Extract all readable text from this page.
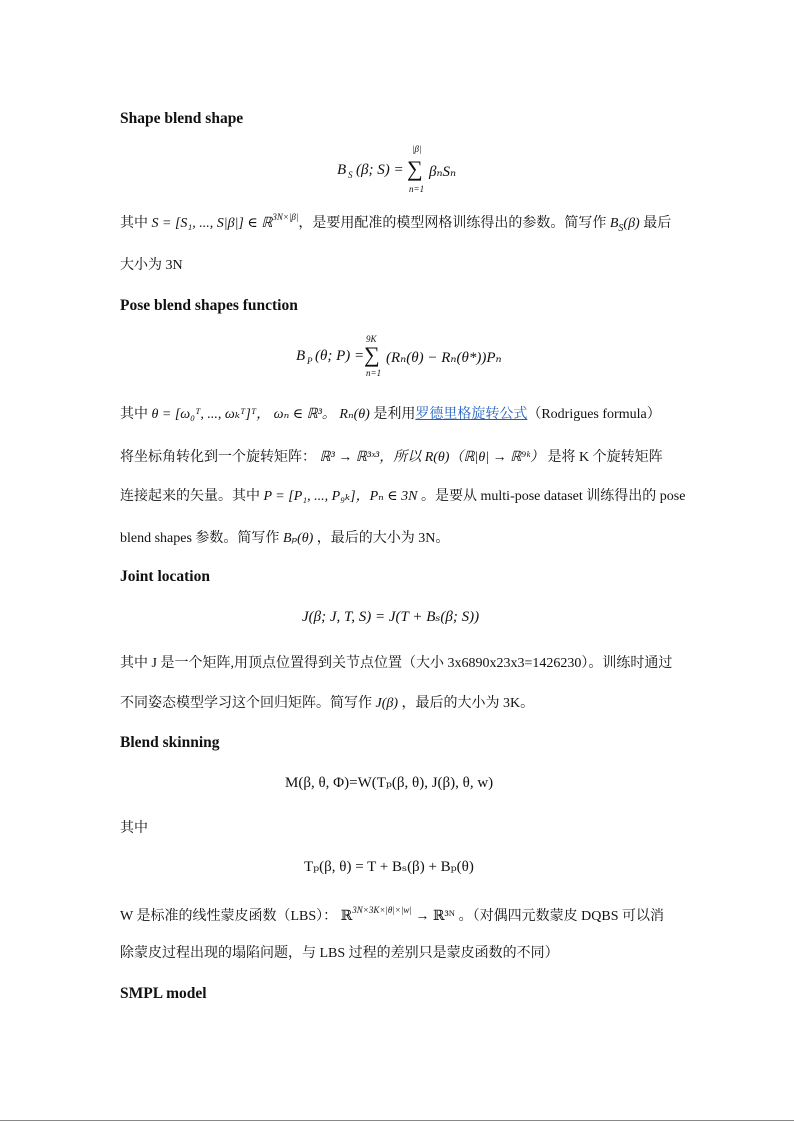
Shape blend shape
B S (β; S) =
|β|
∑
n=1
βₙSₙ
其中 S = [S₁, ..., S|β|] ∈ ℝ$^{3N\times|\beta|}$，是要用配准的模型网格训练得出的参数。简写作 $B_S(\beta)$ 最后
大小为 3N
Pose blend shapes function
B P (θ; P) =
9K
∑
n=1
(Rₙ(θ) − Rₙ(θ*))Pₙ
其中 θ = [ω₀ᵀ, ..., ωₖᵀ]ᵀ， ωₙ ∈ ℝ³。 Rₙ(θ) 是利用罗德里格旋转公式（Rodrigues formula）
将坐标角转化到一个旋转矩阵： ℝ³ → ℝ³ˣ³，所以 R(θ)（ℝ|θ| → ℝ⁹ᵏ） 是将 K 个旋转矩阵
连接起来的矢量。其中 P = [P₁, ..., P₉ₖ]，Pₙ ∈ 3N 。是要从 multi-pose dataset 训练得出的 pose
blend shapes 参数。简写作 Bₚ(θ) ，最后的大小为 3N。
Joint location
J(β; J, T, S) = J(T + Bₛ(β; S))
其中 J 是一个矩阵,用顶点位置得到关节点位置（大小 3x6890x23x3=1426230）。训练时通过
不同姿态模型学习这个回归矩阵。简写作 J(β) ，最后的大小为 3K。
Blend skinning
M(β, θ, Φ)=W(Tₚ(β, θ), J(β), θ, w)
其中
Tₚ(β, θ) = T + Bₛ(β) + Bₚ(θ)
W 是标准的线性蒙皮函数（LBS）： ℝ$^{3N\times 3K\times|\theta|\times|w|}$ → ℝ³ᴺ 。（对偶四元数蒙皮 DQBS 可以消
除蒙皮过程出现的塌陷问题，与 LBS 过程的差别只是蒙皮函数的不同）
SMPL model
